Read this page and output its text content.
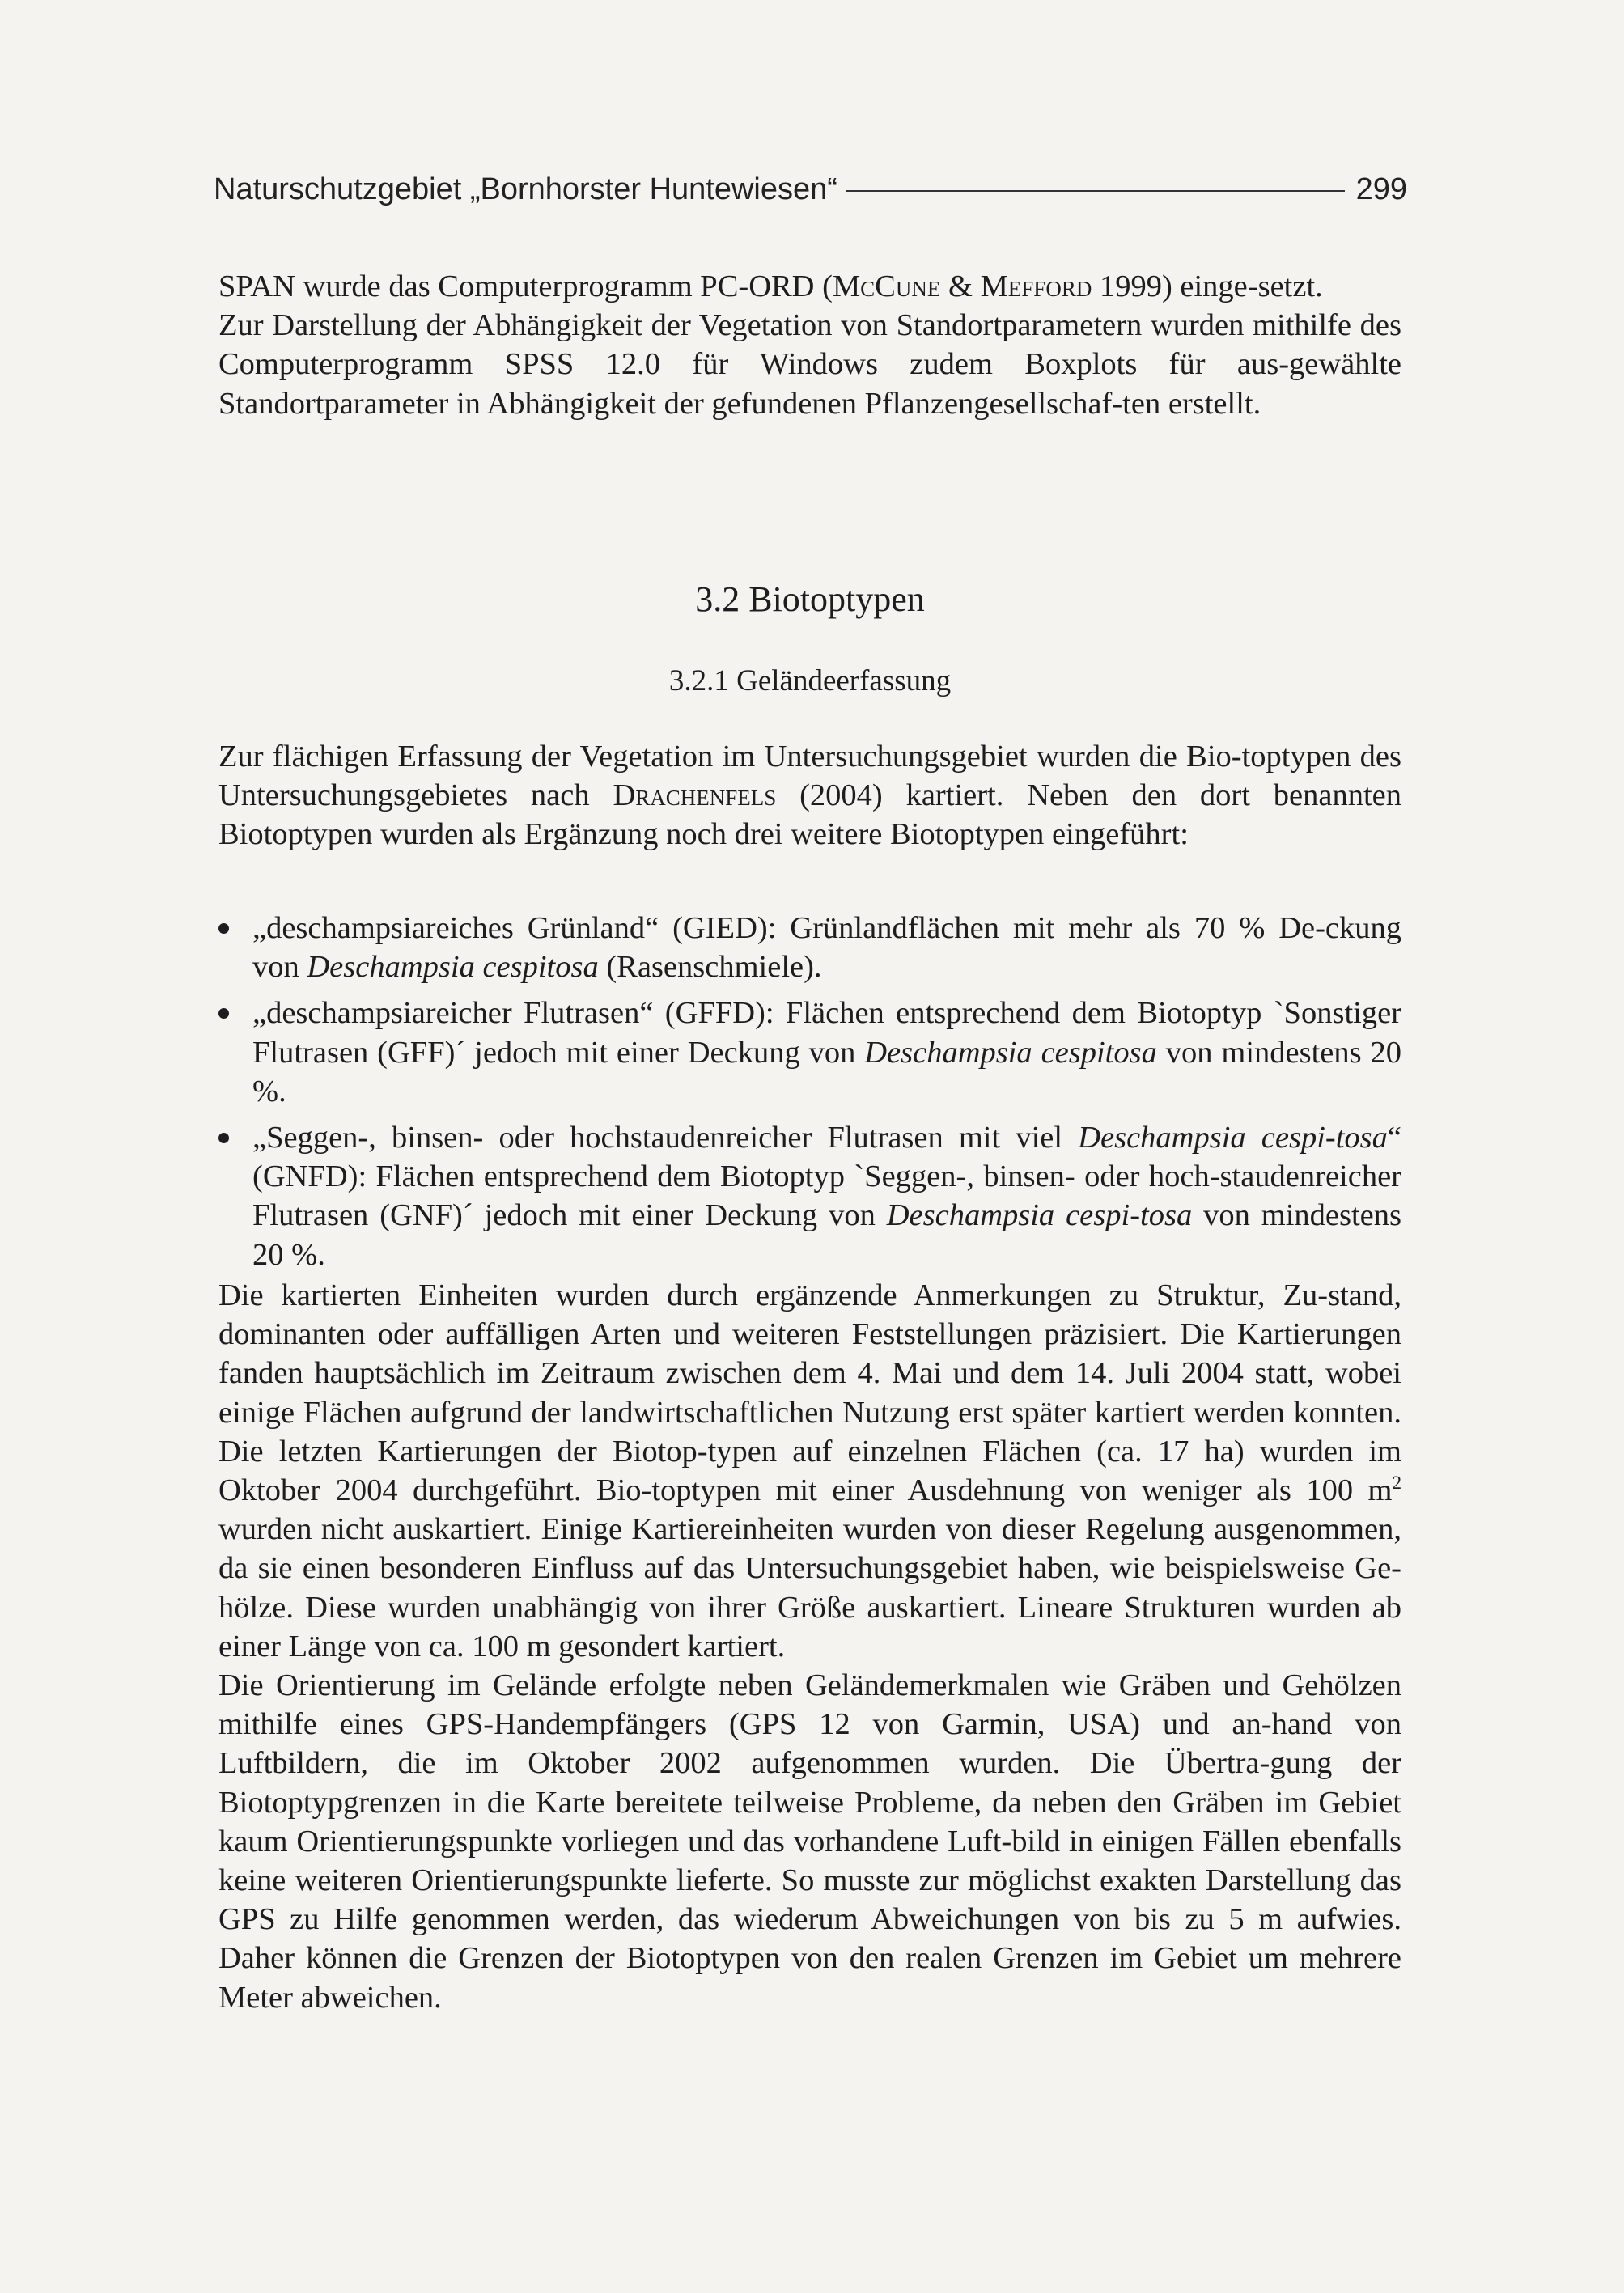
Naturschutzgebiet „Bornhorster Huntewiesen“	299

SPAN wurde das Computerprogramm PC-ORD (McCune & Mefford 1999) einge-setzt.

Zur Darstellung der Abhängigkeit der Vegetation von Standortparametern wurden mithilfe des Computerprogramm SPSS 12.0 für Windows zudem Boxplots für aus-gewählte Standortparameter in Abhängigkeit der gefundenen Pflanzengesellschaf-ten erstellt.

3.2 Biotoptypen
3.2.1 Geländeerfassung

Zur flächigen Erfassung der Vegetation im Untersuchungsgebiet wurden die Bio-toptypen des Untersuchungsgebietes nach Drachenfels (2004) kartiert. Neben den dort benannten Biotoptypen wurden als Ergänzung noch drei weitere Biotoptypen eingeführt:

„deschampsiareiches Grünland“ (GIED): Grünlandflächen mit mehr als 70 % De-ckung von Deschampsia cespitosa (Rasenschmiele).
„deschampsiareicher Flutrasen“ (GFFD): Flächen entsprechend dem Biotoptyp `Sonstiger Flutrasen (GFF)´ jedoch mit einer Deckung von Deschampsia cespitosa von mindestens 20 %.
„Seggen-, binsen- oder hochstaudenreicher Flutrasen mit viel Deschampsia cespi-tosa“ (GNFD): Flächen entsprechend dem Biotoptyp `Seggen-, binsen- oder hoch-staudenreicher Flutrasen (GNF)´ jedoch mit einer Deckung von Deschampsia cespi-tosa von mindestens 20 %.

Die kartierten Einheiten wurden durch ergänzende Anmerkungen zu Struktur, Zu-stand, dominanten oder auffälligen Arten und weiteren Feststellungen präzisiert. Die Kartierungen fanden hauptsächlich im Zeitraum zwischen dem 4. Mai und dem 14. Juli 2004 statt, wobei einige Flächen aufgrund der landwirtschaftlichen Nutzung erst später kartiert werden konnten. Die letzten Kartierungen der Biotop-typen auf einzelnen Flächen (ca. 17 ha) wurden im Oktober 2004 durchgeführt. Bio-toptypen mit einer Ausdehnung von weniger als 100 $m^2$ wurden nicht auskartiert. Einige Kartiereinheiten wurden von dieser Regelung ausgenommen, da sie einen besonderen Einfluss auf das Untersuchungsgebiet haben, wie beispielsweise Ge-hölze. Diese wurden unabhängig von ihrer Größe auskartiert. Lineare Strukturen wurden ab einer Länge von ca. 100 m gesondert kartiert.

Die Orientierung im Gelände erfolgte neben Geländemerkmalen wie Gräben und Gehölzen mithilfe eines GPS-Handempfängers (GPS 12 von Garmin, USA) und an-hand von Luftbildern, die im Oktober 2002 aufgenommen wurden. Die Übertra-gung der Biotoptypgrenzen in die Karte bereitete teilweise Probleme, da neben den Gräben im Gebiet kaum Orientierungspunkte vorliegen und das vorhandene Luft-bild in einigen Fällen ebenfalls keine weiteren Orientierungspunkte lieferte. So musste zur möglichst exakten Darstellung das GPS zu Hilfe genommen werden, das wiederum Abweichungen von bis zu 5 m aufwies. Daher können die Grenzen der Biotoptypen von den realen Grenzen im Gebiet um mehrere Meter abweichen.
